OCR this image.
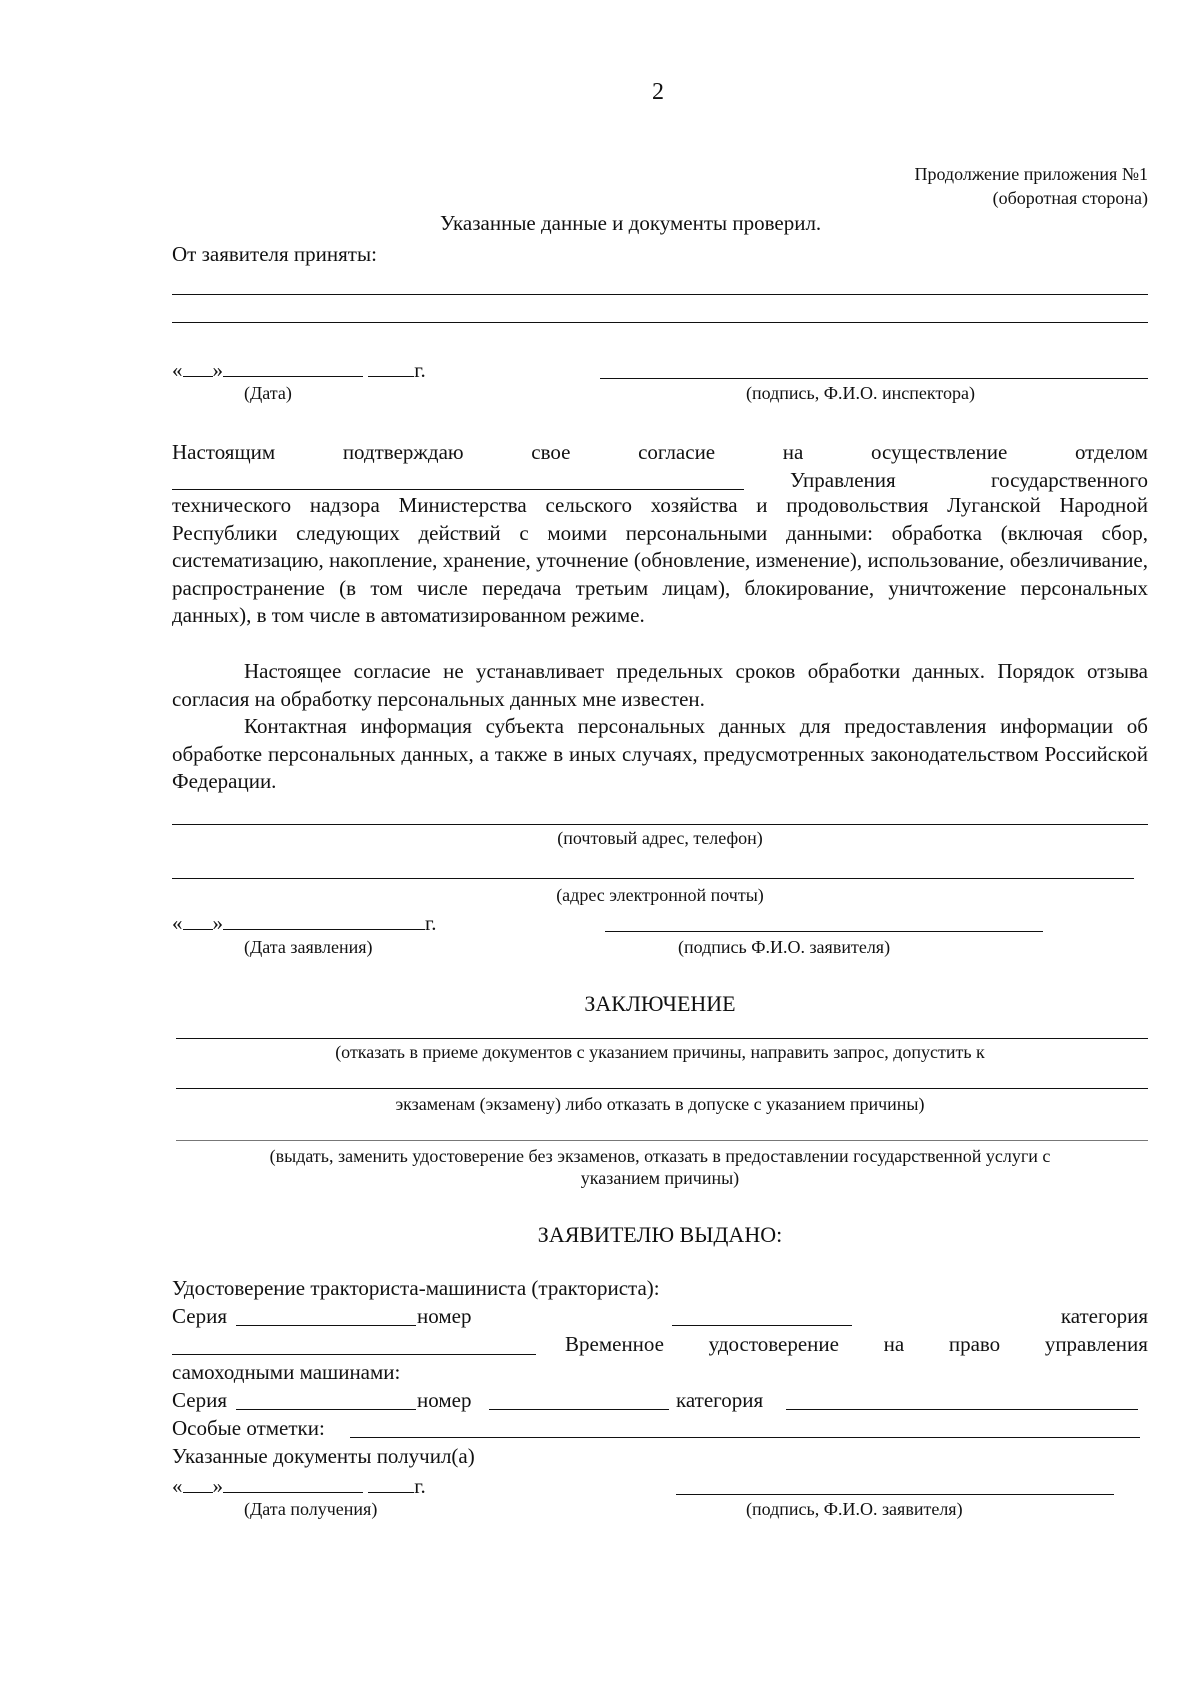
2
Продолжение приложения №1
(оборотная сторона)
Указанные данные и документы проверил.
От заявителя приняты:
« »	г.
(Дата)	(подпись, Ф.И.О. инспектора)
Настоящим	подтверждаю	свое	согласие	на	осуществление	отделом
Управления	государственного

технического надзора Министерства сельского хозяйства и продовольствия Луганской Народной Республики следующих действий с моими персональными данными: обработка (включая сбор, систематизацию, накопление, хранение, уточнение (обновление, изменение), использование, обезличивание, распространение (в том числе передача третьим лицам), блокирование, уничтожение персональных данных), в том числе в автоматизированном режиме.

Настоящее согласие не устанавливает предельных сроков обработки данных. Порядок отзыва согласия на обработку персональных данных мне известен.

Контактная информация субъекта персональных данных для предоставления информации об обработке персональных данных, а также в иных случаях, предусмотренных законодательством Российской Федерации.

(почтовый адрес, телефон)
(адрес электронной почты)
« »	г.
(Дата заявления)	(подпись Ф.И.О. заявителя)
ЗАКЛЮЧЕНИЕ
(отказать в приеме документов с указанием причины, направить запрос, допустить к
экзаменам (экзамену) либо отказать в допуске с указанием причины)
(выдать, заменить удостоверение без экзаменов, отказать в предоставлении государственной услуги с
указанием причины)
ЗАЯВИТЕЛЮ ВЫДАНО:
Удостоверение тракториста-машиниста (тракториста):
Серия	номер	категория
Временное удостоверение на право управления
самоходными машинами:
Серия	номер	категория
Особые отметки:
Указанные документы получил(а)
« »	г.
(Дата получения)	(подпись, Ф.И.О. заявителя)
